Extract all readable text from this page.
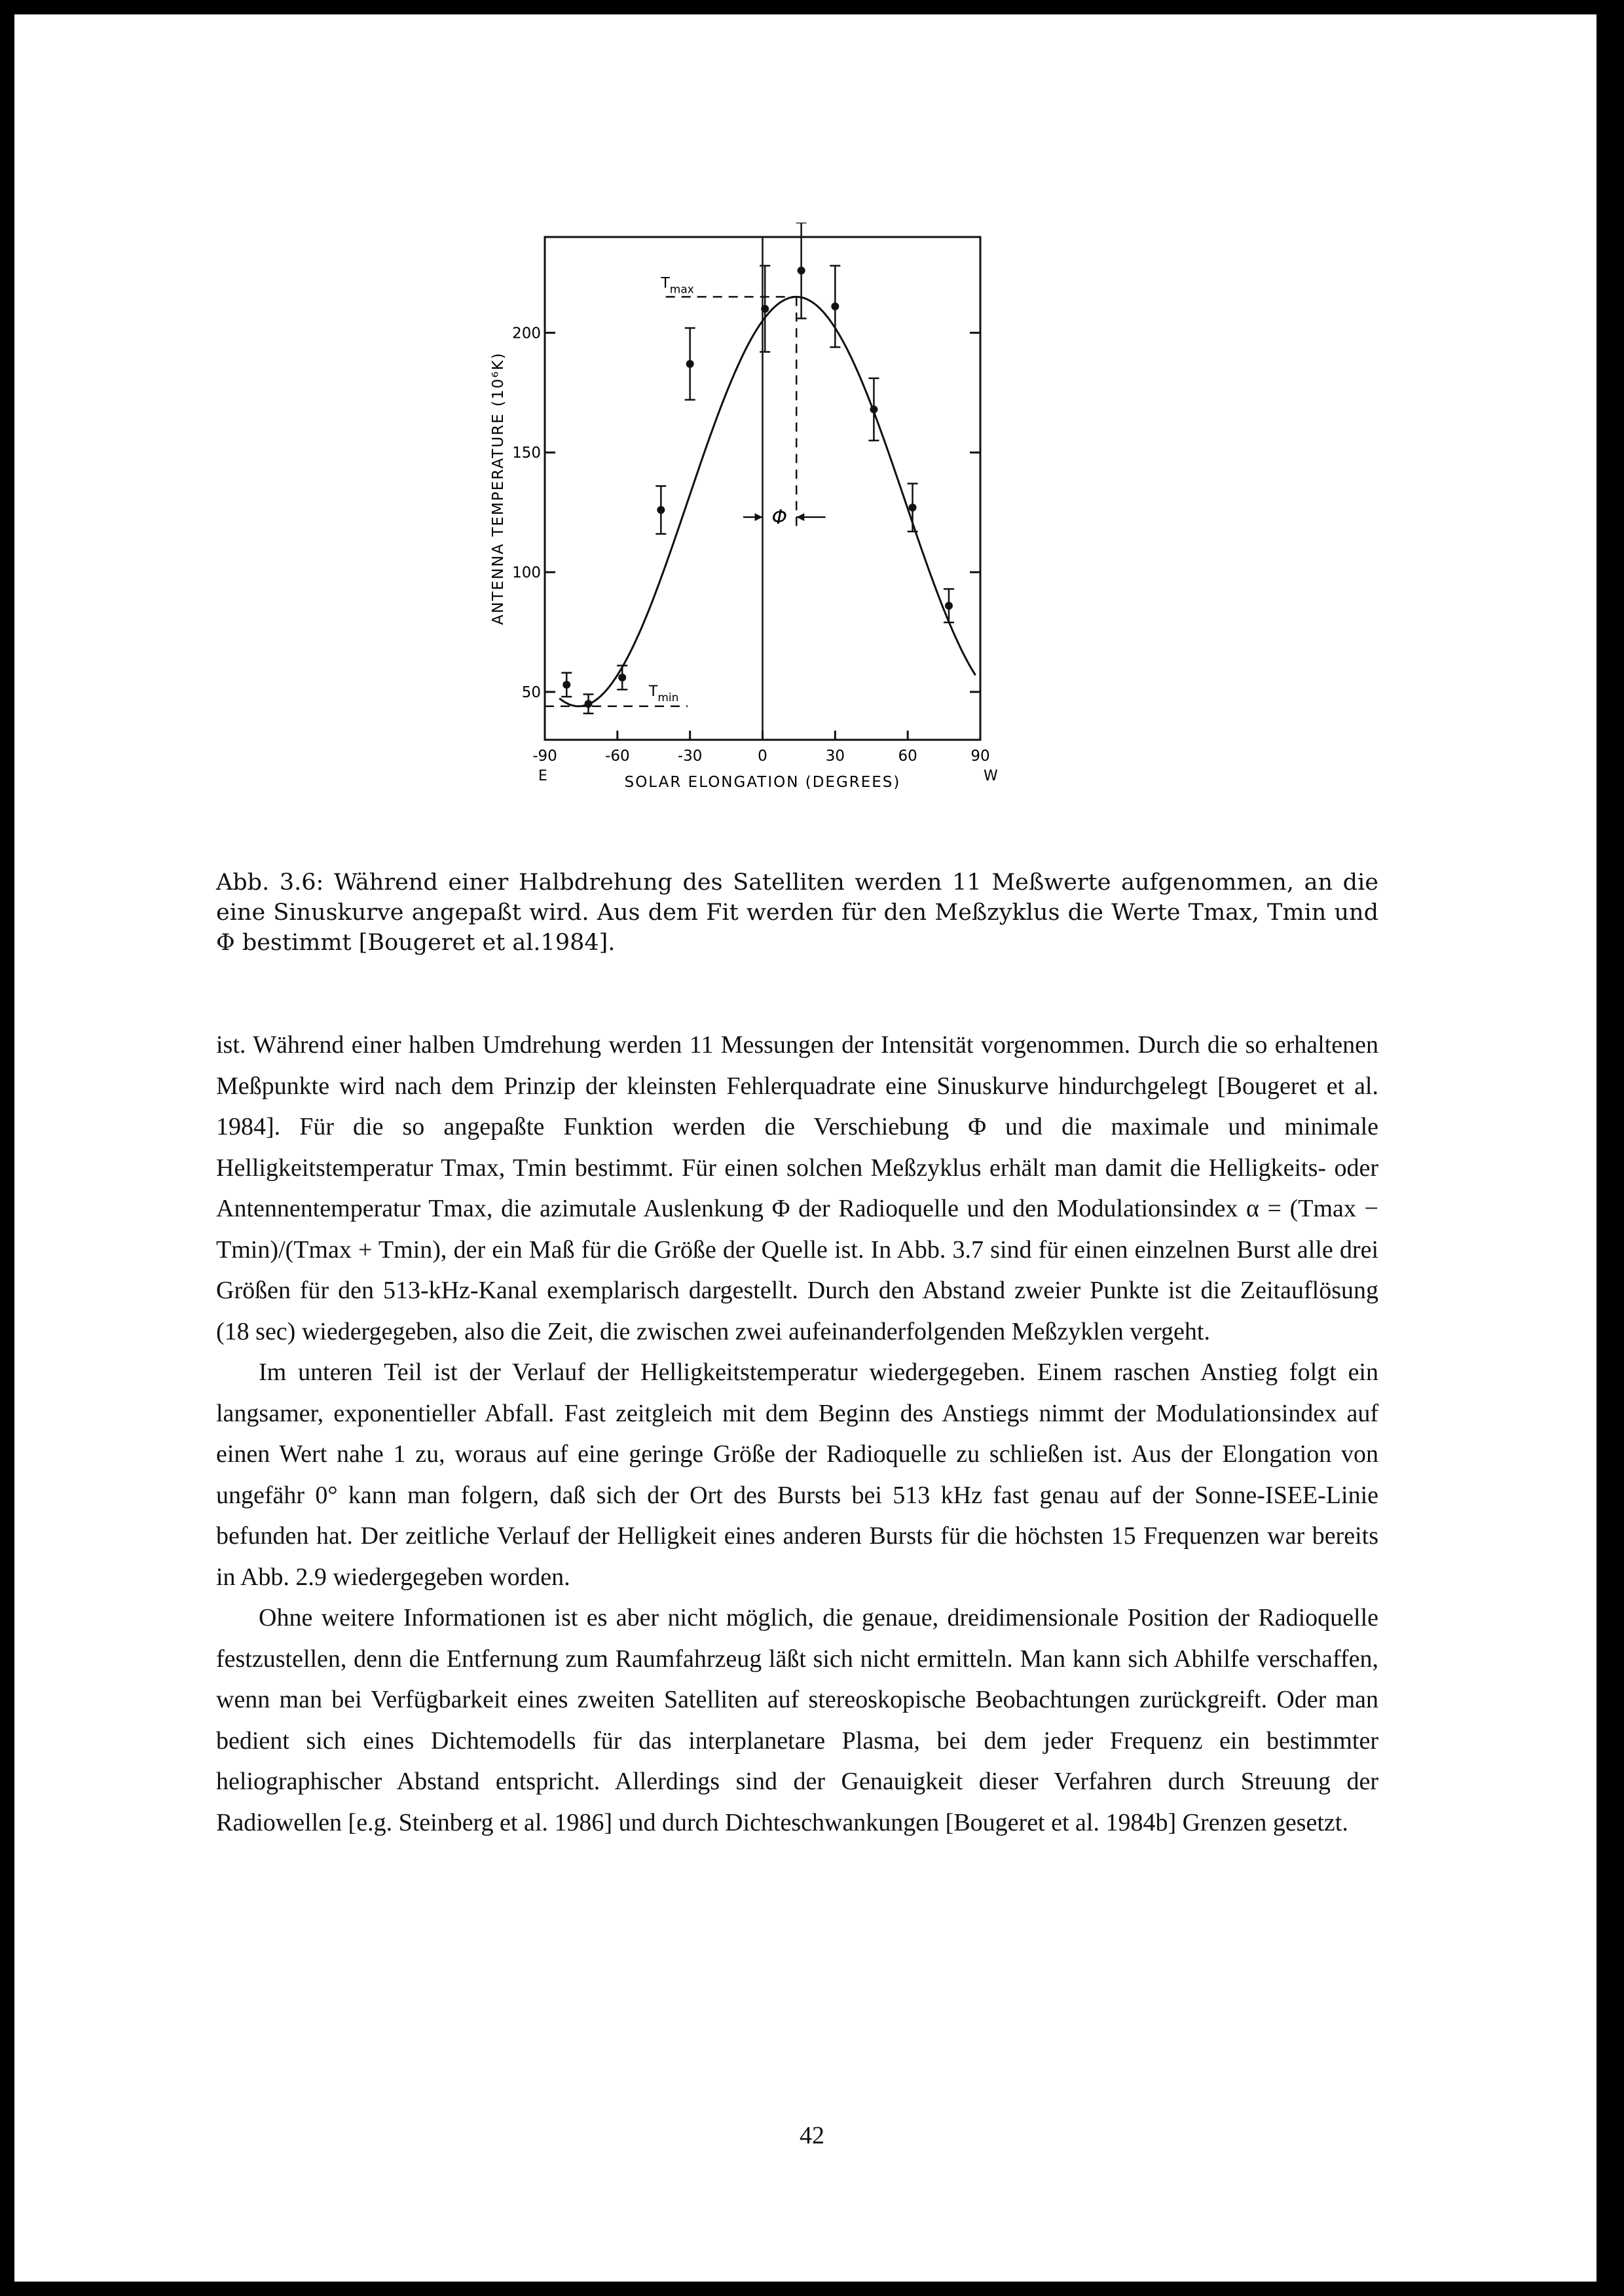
50
100
150
200
-90	-60	-30	0	30	60	90
ANTENNA TEMPERATURE (10⁶K)
SOLAR ELONGATION (DEGREES)
E	W
$T_{max}$
$T_{min}$
Φ
Abb. 3.6: Während einer Halbdrehung des Satelliten werden 11 Meßwerte aufgenommen, an die eine Sinuskurve angepaßt wird. Aus dem Fit werden für den Meßzyklus die Werte Tmax, Tmin und Φ bestimmt [Bougeret et al.1984].

ist. Während einer halben Umdrehung werden 11 Messungen der Intensität vorgenommen. Durch die so erhaltenen Meßpunkte wird nach dem Prinzip der kleinsten Fehlerquadrate eine Sinuskurve hindurchgelegt [Bougeret et al. 1984]. Für die so angepaßte Funktion werden die Verschiebung Φ und die maximale und minimale Helligkeitstemperatur Tmax, Tmin bestimmt. Für einen solchen Meßzyklus erhält man damit die Helligkeits- oder Antennentemperatur Tmax, die azimutale Auslenkung Φ der Radioquelle und den Modulationsindex α = (Tmax − Tmin)/(Tmax + Tmin), der ein Maß für die Größe der Quelle ist. In Abb. 3.7 sind für einen einzelnen Burst alle drei Größen für den 513-kHz-Kanal exemplarisch dargestellt. Durch den Abstand zweier Punkte ist die Zeitauflösung (18 sec) wiedergegeben, also die Zeit, die zwischen zwei aufeinanderfolgenden Meßzyklen vergeht.

Im unteren Teil ist der Verlauf der Helligkeitstemperatur wiedergegeben. Einem raschen Anstieg folgt ein langsamer, exponentieller Abfall. Fast zeitgleich mit dem Beginn des Anstiegs nimmt der Modulationsindex auf einen Wert nahe 1 zu, woraus auf eine geringe Größe der Radioquelle zu schließen ist. Aus der Elongation von ungefähr 0° kann man folgern, daß sich der Ort des Bursts bei 513 kHz fast genau auf der Sonne-ISEE-Linie befunden hat. Der zeitliche Verlauf der Helligkeit eines anderen Bursts für die höchsten 15 Frequenzen war bereits in Abb. 2.9 wiedergegeben worden.

Ohne weitere Informationen ist es aber nicht möglich, die genaue, dreidimensionale Position der Radioquelle festzustellen, denn die Entfernung zum Raumfahrzeug läßt sich nicht ermitteln. Man kann sich Abhilfe verschaffen, wenn man bei Verfügbarkeit eines zweiten Satelliten auf stereoskopische Beobachtungen zurückgreift. Oder man bedient sich eines Dichtemodells für das interplanetare Plasma, bei dem jeder Frequenz ein bestimmter heliographischer Abstand entspricht. Allerdings sind der Genauigkeit dieser Verfahren durch Streuung der Radiowellen [e.g. Steinberg et al. 1986] und durch Dichteschwankungen [Bougeret et al. 1984b] Grenzen gesetzt.

42
